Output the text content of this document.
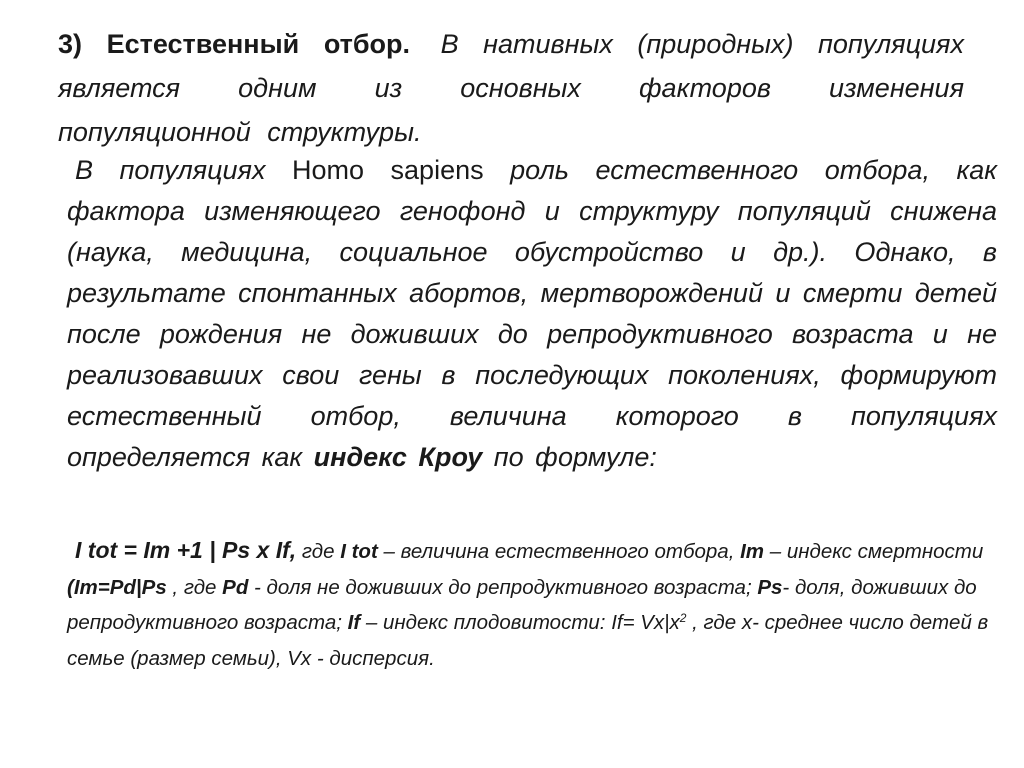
3) Естественный отбор. В нативных (природных) популяциях является одним из основных факторов изменения популяционной структуры.
В популяциях Homo sapiens роль естественного отбора, как фактора изменяющего генофонд и структуру популяций снижена (наука, медицина, социальное обустройство и др.). Однако, в результате спонтанных абортов, мертворождений и смерти детей после рождения не доживших до репродуктивного возраста и не реализовавших свои гены в последующих поколениях, формируют естественный отбор, величина которого в популяциях определяется как индекс Кроу по формуле:
I tot = Im +1 | Ps x If, где I tot – величина естественного отбора, Im – индекс смертности (Im=Pd|Ps , где Pd - доля не доживших до репродуктивного возраста; Ps- доля, доживших до репродуктивного возраста; If – индекс плодовитости: $If= Vx|x^2$ , где x- среднее число детей в семье (размер семьи), Vx - дисперсия.
